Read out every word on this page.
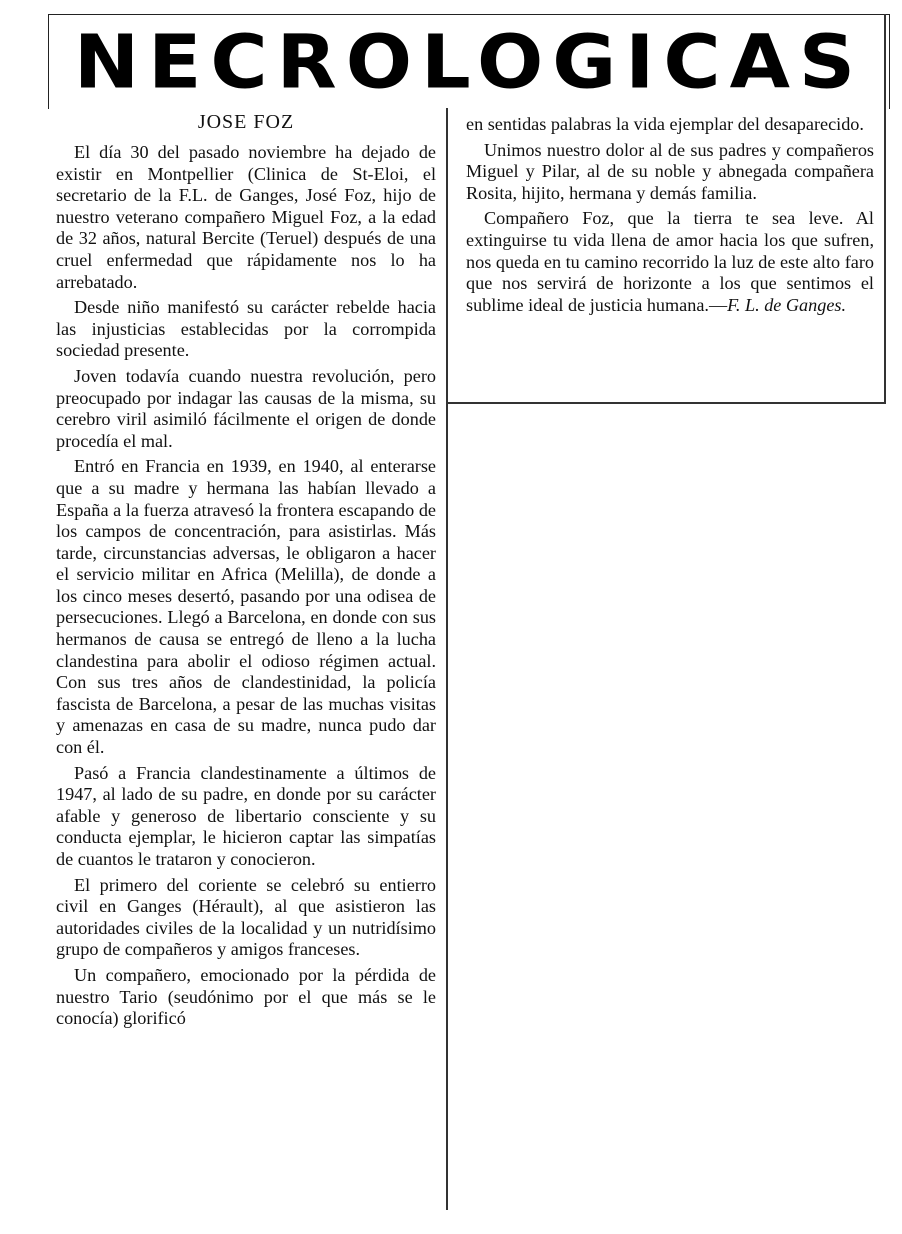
NECROLOGICAS
JOSE FOZ

El día 30 del pasado noviembre ha dejado de existir en Montpellier (Clinica de St-Eloi, el secretario de la F.L. de Ganges, José Foz, hijo de nuestro veterano compañero Miguel Foz, a la edad de 32 años, natural Bercite (Teruel) después de una cruel enfermedad que rápidamente nos lo ha arrebatado.

Desde niño manifestó su carácter rebelde hacia las injusticias establecidas por la corrompida sociedad presente.

Joven todavía cuando nuestra revolución, pero preocupado por indagar las causas de la misma, su cerebro viril asimiló fácilmente el origen de donde procedía el mal.

Entró en Francia en 1939, en 1940, al enterarse que a su madre y hermana las habían llevado a España a la fuerza atravesó la frontera escapando de los campos de concentración, para asistirlas. Más tarde, circunstancias adversas, le obligaron a hacer el servicio militar en Africa (Melilla), de donde a los cinco meses desertó, pasando por una odisea de persecuciones. Llegó a Barcelona, en donde con sus hermanos de causa se entregó de lleno a la lucha clandestina para abolir el odioso régimen actual. Con sus tres años de clandestinidad, la policía fascista de Barcelona, a pesar de las muchas visitas y amenazas en casa de su madre, nunca pudo dar con él.

Pasó a Francia clandestinamente a últimos de 1947, al lado de su padre, en donde por su carácter afable y generoso de libertario consciente y su conducta ejemplar, le hicieron captar las simpatías de cuantos le trataron y conocieron.

El primero del coriente se celebró su entierro civil en Ganges (Hérault), al que asistieron las autoridades civiles de la localidad y un nutridísimo grupo de compañeros y amigos franceses.

Un compañero, emocionado por la pérdida de nuestro Tario (seudónimo por el que más se le conocía) glorificó

en sentidas palabras la vida ejemplar del desaparecido.

Unimos nuestro dolor al de sus padres y compañeros Miguel y Pilar, al de su noble y abnegada compañera Rosita, hijito, hermana y demás familia.

Compañero Foz, que la tierra te sea leve. Al extinguirse tu vida llena de amor hacia los que sufren, nos queda en tu camino recorrido la luz de este alto faro que nos servirá de horizonte a los que sentimos el sublime ideal de justicia humana.—F. L. de Ganges.
